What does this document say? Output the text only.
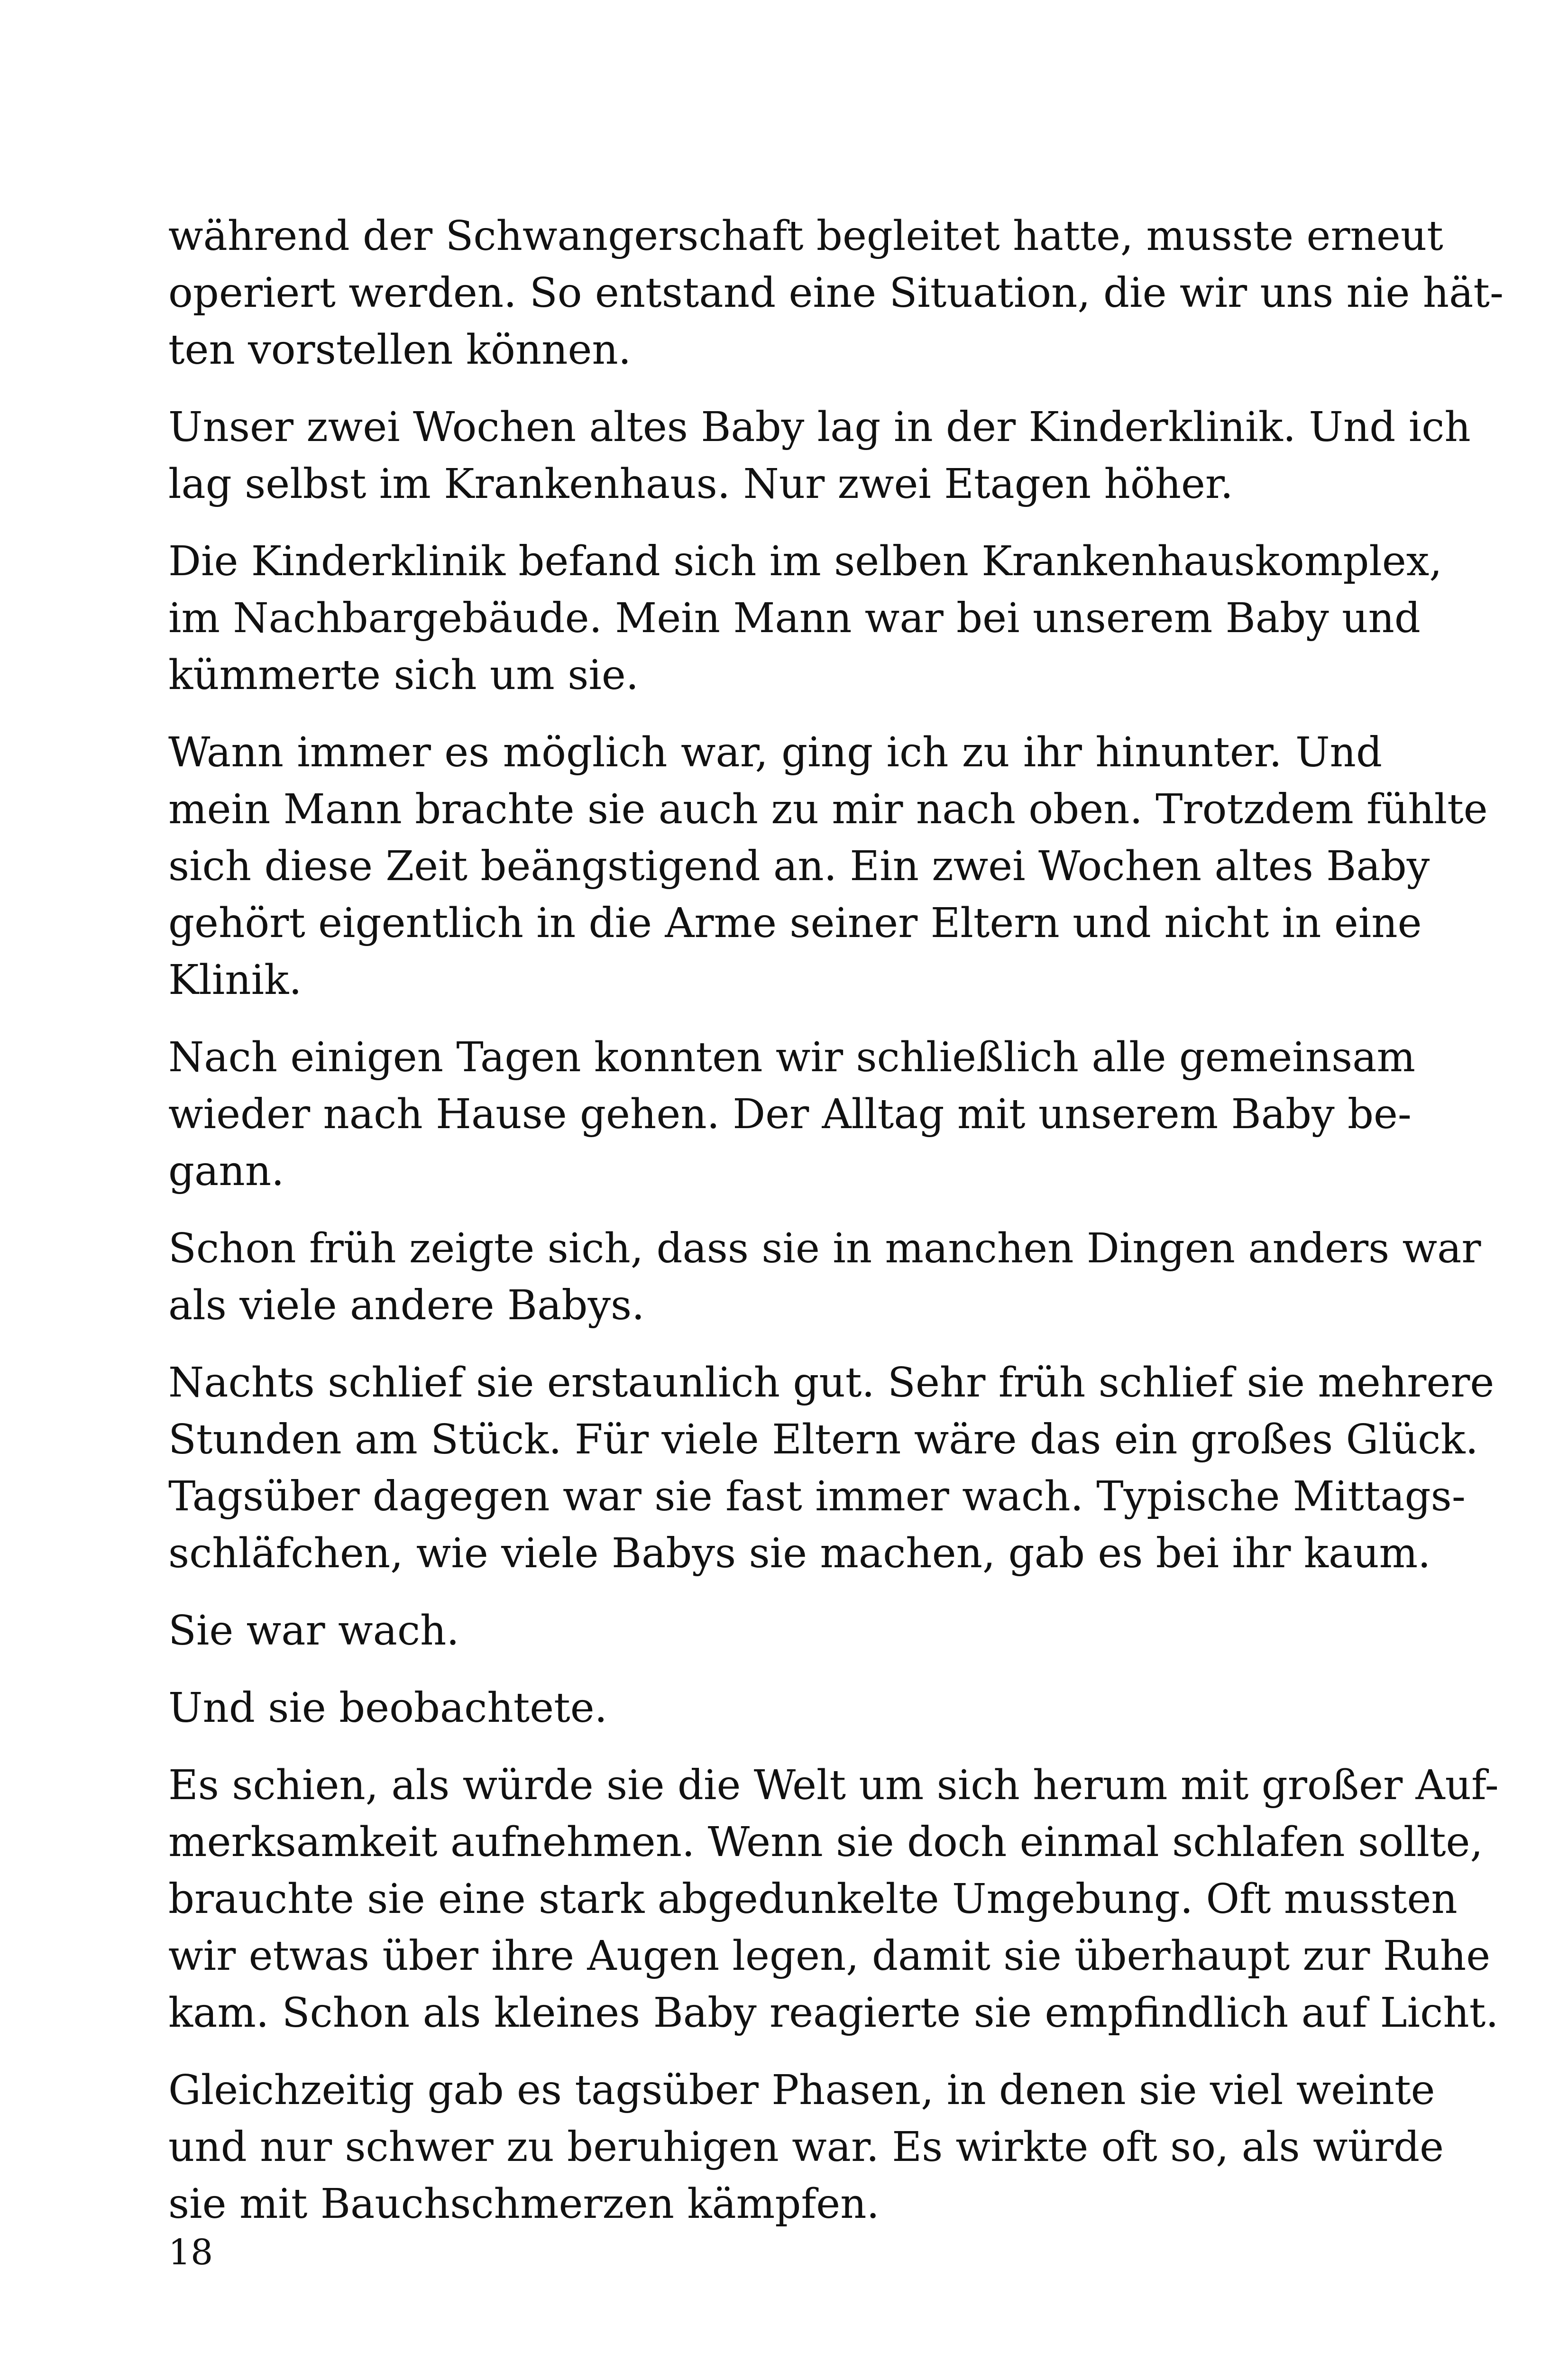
während der Schwangerschaft begleitet hatte, musste erneut
operiert werden. So entstand eine Situation, die wir uns nie hät-
ten vorstellen können.

Unser zwei Wochen altes Baby lag in der Kinderklinik. Und ich
lag selbst im Krankenhaus. Nur zwei Etagen höher.

Die Kinderklinik befand sich im selben Krankenhauskomplex,
im Nachbargebäude. Mein Mann war bei unserem Baby und
kümmerte sich um sie.

Wann immer es möglich war, ging ich zu ihr hinunter. Und
mein Mann brachte sie auch zu mir nach oben. Trotzdem fühlte
sich diese Zeit beängstigend an. Ein zwei Wochen altes Baby
gehört eigentlich in die Arme seiner Eltern und nicht in eine
Klinik.

Nach einigen Tagen konnten wir schließlich alle gemeinsam
wieder nach Hause gehen. Der Alltag mit unserem Baby be-
gann.

Schon früh zeigte sich, dass sie in manchen Dingen anders war
als viele andere Babys.

Nachts schlief sie erstaunlich gut. Sehr früh schlief sie mehrere
Stunden am Stück. Für viele Eltern wäre das ein großes Glück.
Tagsüber dagegen war sie fast immer wach. Typische Mittags-
schläfchen, wie viele Babys sie machen, gab es bei ihr kaum.

Sie war wach.

Und sie beobachtete.

Es schien, als würde sie die Welt um sich herum mit großer Auf-
merksamkeit aufnehmen. Wenn sie doch einmal schlafen sollte,
brauchte sie eine stark abgedunkelte Umgebung. Oft mussten
wir etwas über ihre Augen legen, damit sie überhaupt zur Ruhe
kam. Schon als kleines Baby reagierte sie empfindlich auf Licht.

Gleichzeitig gab es tagsüber Phasen, in denen sie viel weinte
und nur schwer zu beruhigen war. Es wirkte oft so, als würde
sie mit Bauchschmerzen kämpfen.

18
